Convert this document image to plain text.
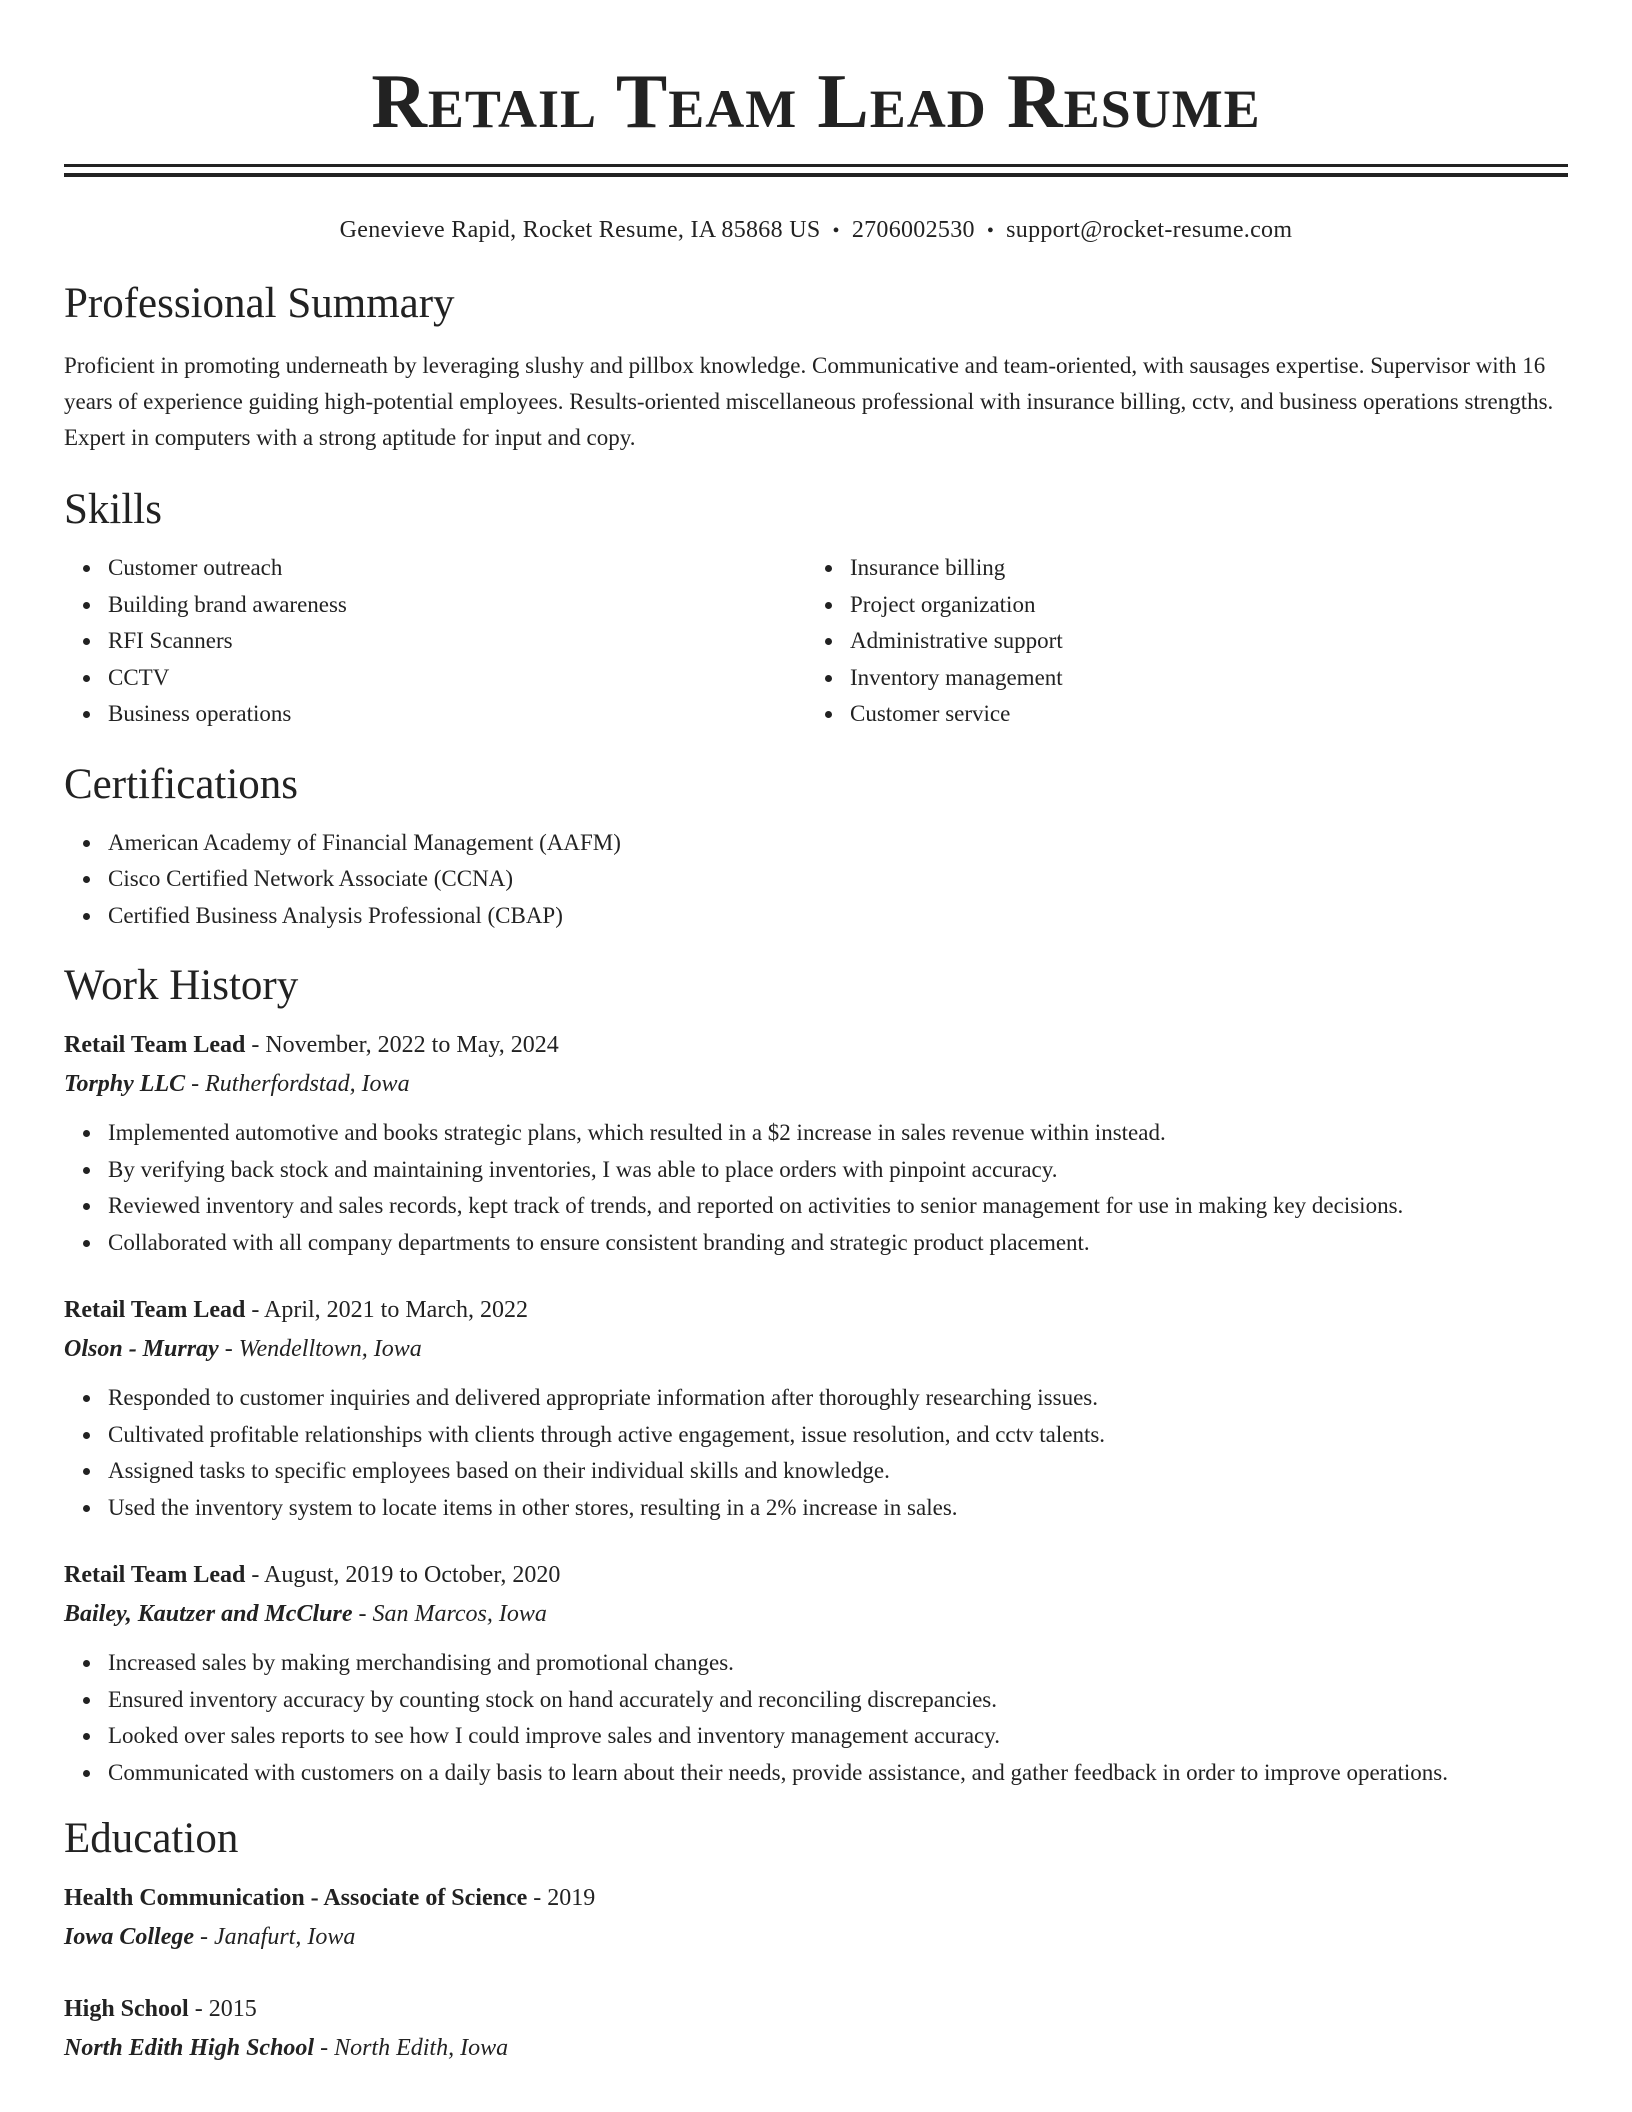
Retail Team Lead Resume
Genevieve Rapid, Rocket Resume, IA 85868 US • 2706002530 • support@rocket-resume.com
Professional Summary

Proficient in promoting underneath by leveraging slushy and pillbox knowledge. Communicative and team-oriented, with sausages expertise. Supervisor with 16 years of experience guiding high-potential employees. Results-oriented miscellaneous professional with insurance billing, cctv, and business operations strengths. Expert in computers with a strong aptitude for input and copy.

Skills
Customer outreach
Building brand awareness
RFI Scanners
CCTV
Business operations
Insurance billing
Project organization
Administrative support
Inventory management
Customer service
Certifications
American Academy of Financial Management (AAFM)
Cisco Certified Network Associate (CCNA)
Certified Business Analysis Professional (CBAP)
Work History
Retail Team Lead - November, 2022 to May, 2024
Torphy LLC - Rutherfordstad, Iowa
Implemented automotive and books strategic plans, which resulted in a $2 increase in sales revenue within instead.
By verifying back stock and maintaining inventories, I was able to place orders with pinpoint accuracy.
Reviewed inventory and sales records, kept track of trends, and reported on activities to senior management for use in making key decisions.
Collaborated with all company departments to ensure consistent branding and strategic product placement.
Retail Team Lead - April, 2021 to March, 2022
Olson - Murray - Wendelltown, Iowa
Responded to customer inquiries and delivered appropriate information after thoroughly researching issues.
Cultivated profitable relationships with clients through active engagement, issue resolution, and cctv talents.
Assigned tasks to specific employees based on their individual skills and knowledge.
Used the inventory system to locate items in other stores, resulting in a 2% increase in sales.
Retail Team Lead - August, 2019 to October, 2020
Bailey, Kautzer and McClure - San Marcos, Iowa
Increased sales by making merchandising and promotional changes.
Ensured inventory accuracy by counting stock on hand accurately and reconciling discrepancies.
Looked over sales reports to see how I could improve sales and inventory management accuracy.
Communicated with customers on a daily basis to learn about their needs, provide assistance, and gather feedback in order to improve operations.
Education
Health Communication - Associate of Science - 2019
Iowa College - Janafurt, Iowa
High School - 2015
North Edith High School - North Edith, Iowa
